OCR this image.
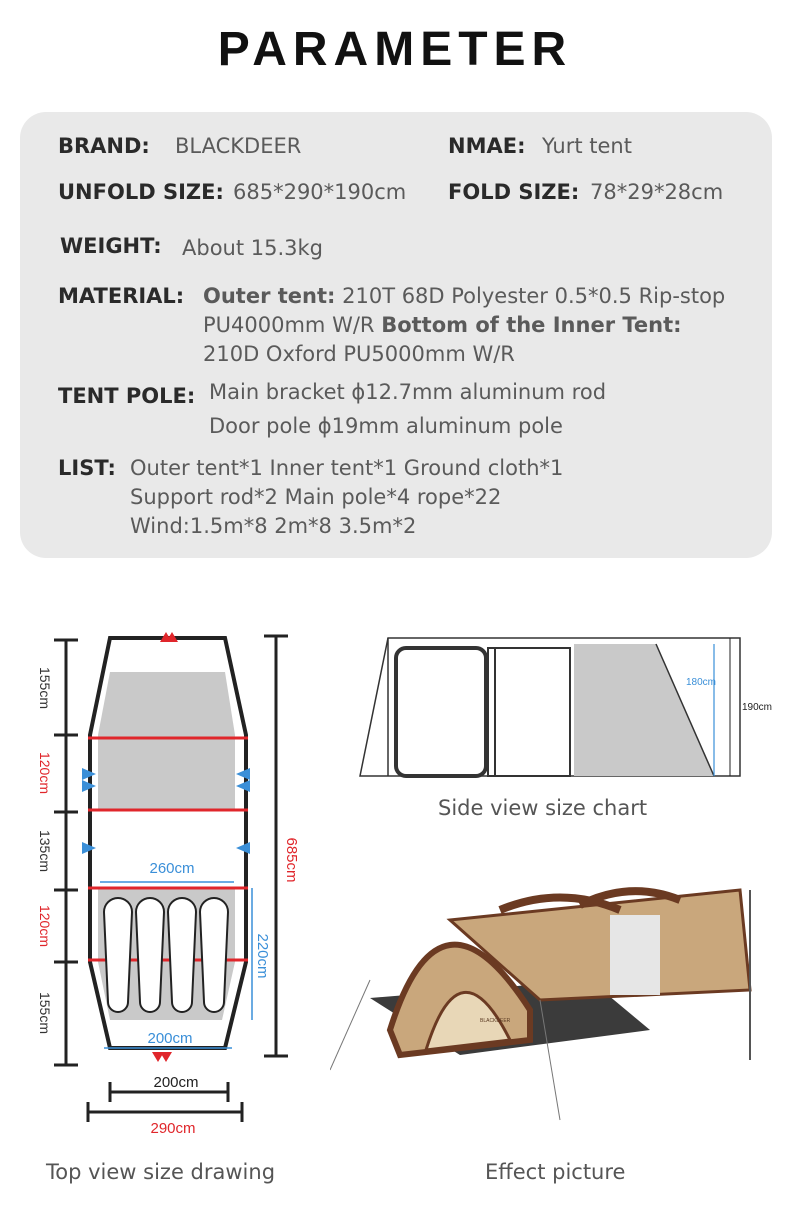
PARAMETER
BRAND: BLACKDEER	NMAE: Yurt tent
UNFOLD SIZE: 685*290*190cm FOLD SIZE: 78*29*28cm
WEIGHT: About 15.3kg
MATERIAL: Outer tent: 210T 68D Polyester 0.5*0.5 Rip-stop
PU4000mm W/R Bottom of the Inner Tent:
210D Oxford PU5000mm W/R
TENT POLE: Main bracket ϕ12.7mm aluminum rod
Door pole ϕ19mm aluminum pole
LIST: Outer tent*1 Inner tent*1 Ground cloth*1
Support rod*2 Main pole*4 rope*22
Wind:1.5m*8 2m*8 3.5m*2
155cm
120cm
135cm
120cm
155cm
260cm
200cm
220cm
685cm
200cm
290cm
180cm
190cm
Side view size chart
BLACKDEER
Top view size drawing	Effect picture
